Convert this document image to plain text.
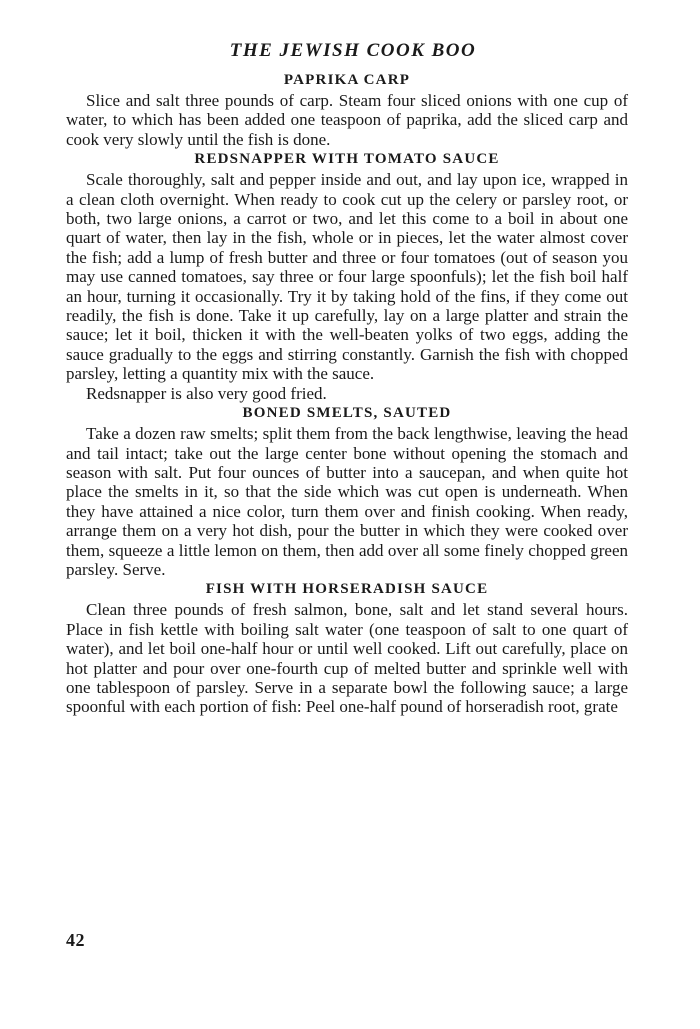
THE JEWISH COOK BOO
PAPRIKA CARP

Slice and salt three pounds of carp. Steam four sliced onions with one cup of water, to which has been added one teaspoon of paprika, add the sliced carp and cook very slowly until the fish is done.

REDSNAPPER WITH TOMATO SAUCE

Scale thoroughly, salt and pepper inside and out, and lay upon ice, wrapped in a clean cloth overnight. When ready to cook cut up the celery or parsley root, or both, two large onions, a carrot or two, and let this come to a boil in about one quart of water, then lay in the fish, whole or in pieces, let the water almost cover the fish; add a lump of fresh butter and three or four tomatoes (out of season you may use canned tomatoes, say three or four large spoonfuls); let the fish boil half an hour, turning it occasionally. Try it by taking hold of the fins, if they come out readily, the fish is done. Take it up carefully, lay on a large platter and strain the sauce; let it boil, thicken it with the well-beaten yolks of two eggs, adding the sauce gradually to the eggs and stirring constantly. Garnish the fish with chopped parsley, letting a quantity mix with the sauce.

Redsnapper is also very good fried.

BONED SMELTS, SAUTED

Take a dozen raw smelts; split them from the back lengthwise, leaving the head and tail intact; take out the large center bone without opening the stomach and season with salt. Put four ounces of butter into a saucepan, and when quite hot place the smelts in it, so that the side which was cut open is underneath. When they have attained a nice color, turn them over and finish cooking. When ready, arrange them on a very hot dish, pour the butter in which they were cooked over them, squeeze a little lemon on them, then add over all some finely chopped green parsley. Serve.

FISH WITH HORSERADISH SAUCE

Clean three pounds of fresh salmon, bone, salt and let stand several hours. Place in fish kettle with boiling salt water (one teaspoon of salt to one quart of water), and let boil one-half hour or until well cooked. Lift out carefully, place on hot platter and pour over one-fourth cup of melted butter and sprinkle well with one tablespoon of parsley. Serve in a separate bowl the following sauce; a large spoonful with each portion of fish: Peel one-half pound of horseradish root, grate

42
